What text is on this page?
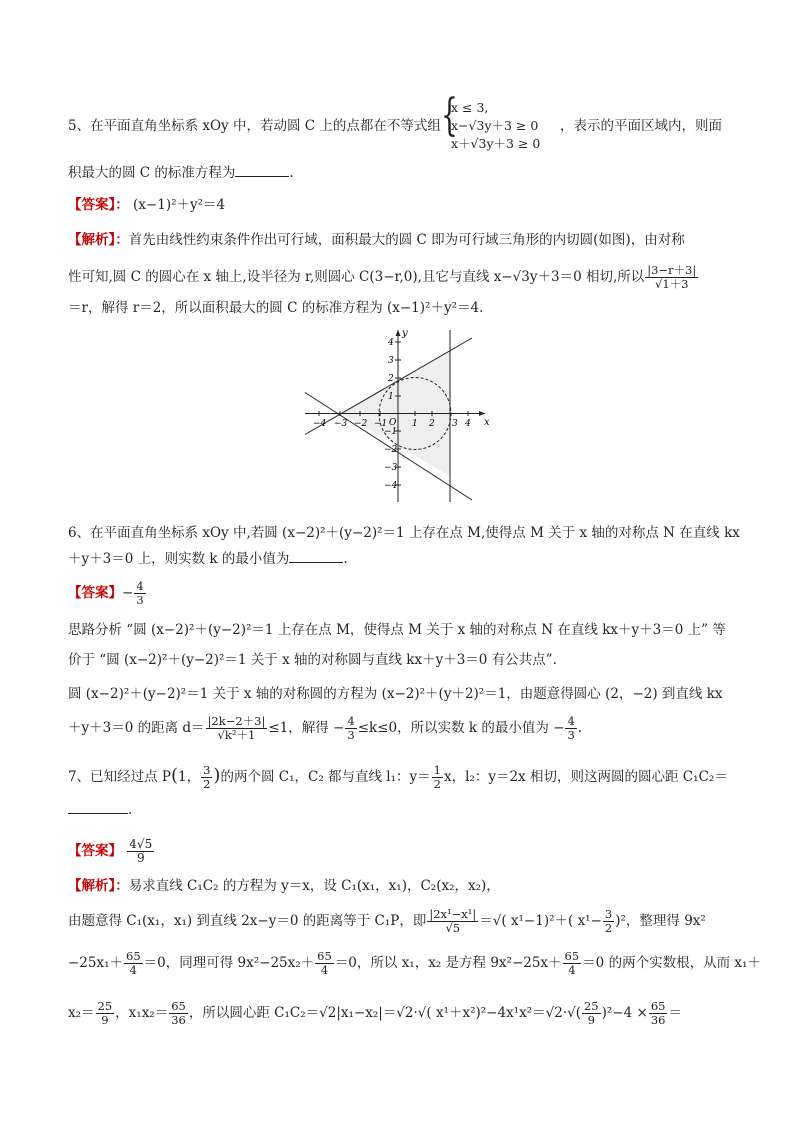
5、在平面直角坐标系 xOy 中，若动圆 C 上的点都在不等式组 {
x ≤ 3,
x−√3y＋3 ≥ 0
x＋√3y＋3 ≥ 0
，表示的平面区域内，则面
积最大的圆 C 的标准方程为	.
【答案】： (x−1)²＋y²＝4
【解析】：首先由线性约束条件作出可行域，面积最大的圆 C 即为可行域三角形的内切圆(如图)，由对称
性可知,圆 C 的圆心在 x 轴上,设半径为 r,则圆心 C(3−r,0),且它与直线 x−√3y＋3＝0 相切,所以 $\frac{|3-r+3|}{√1+3}$
＝r，解得 r＝2，所以面积最大的圆 C 的标准方程为 (x−1)²＋y²＝4.
x
y
O
−4 −3 −2 −1	1 2 3 4
4
3
2
1
−1
−2
−3
−4
6、在平面直角坐标系 xOy 中,若圆 (x−2)²＋(y−2)²＝1 上存在点 M,使得点 M 关于 x 轴的对称点 N 在直线 kx
＋y＋3＝0 上，则实数 k 的最小值为	.
【答案】− $\frac{4}{3}$
思路分析 “圆 (x−2)²＋(y−2)²＝1 上存在点 M，使得点 M 关于 x 轴的对称点 N 在直线 kx＋y＋3＝0 上” 等
价于 “圆 (x−2)²＋(y−2)²＝1 关于 x 轴的对称圆与直线 kx＋y＋3＝0 有公共点”.
圆 (x−2)²＋(y−2)²＝1 关于 x 轴的对称圆的方程为 (x−2)²＋(y＋2)²＝1，由题意得圆心 (2，−2) 到直线 kx
＋y＋3＝0 的距离 $d= \frac{|2k-2+3|}{\text{√k²＋1}} \le 1$，解得 − $\frac{4}{3} \le k\le 0$，所以实数 k 的最小值为 − $\frac{4}{3}$ .
7、已知经过点 P(1， $\frac{3}{2}$ )的两个圆 C₁，C₂ 都与直线 l₁：$y= \frac{1}{2}$ x，l₂：y＝2x 相切，则这两圆的圆心距 C₁C₂＝
.
【答案】 $\frac{4√5}{9}$
【解析】：易求直线 C₁C₂ 的方程为 y＝x，设 C₁(x₁，x₁)，C₂(x₂，x₂)，
由题意得 C₁(x₁，x₁) 到直线 2x−y＝0 的距离等于 C₁P，即 $\frac{\text{|2x¹−x¹|}}{√5}$ ＝√( x¹−1)²＋( $x^1- \frac{3}{2} )^2$，整理得 9x²
$-25x_1+ \frac{65}{4} =0$，同理可得 $9x^2-25x_2+ \frac{65}{4} =0$，所以 x₁，x₂ 是方程 $9x^2-25x+ \frac{65}{4} =0$ 的两个实数根，从而 x₁＋
$x_2= \frac{25}{9}$ ，$x_1x_2= \frac{65}{36}$ ，所以圆心距 C₁C₂＝√2|x₁−x₂|＝√2·√( $x^1+x^2)^2-4x^1x^2=√2\cdot√( \frac{25}{9} )^2-4 \times \frac{65}{36}$ ＝
